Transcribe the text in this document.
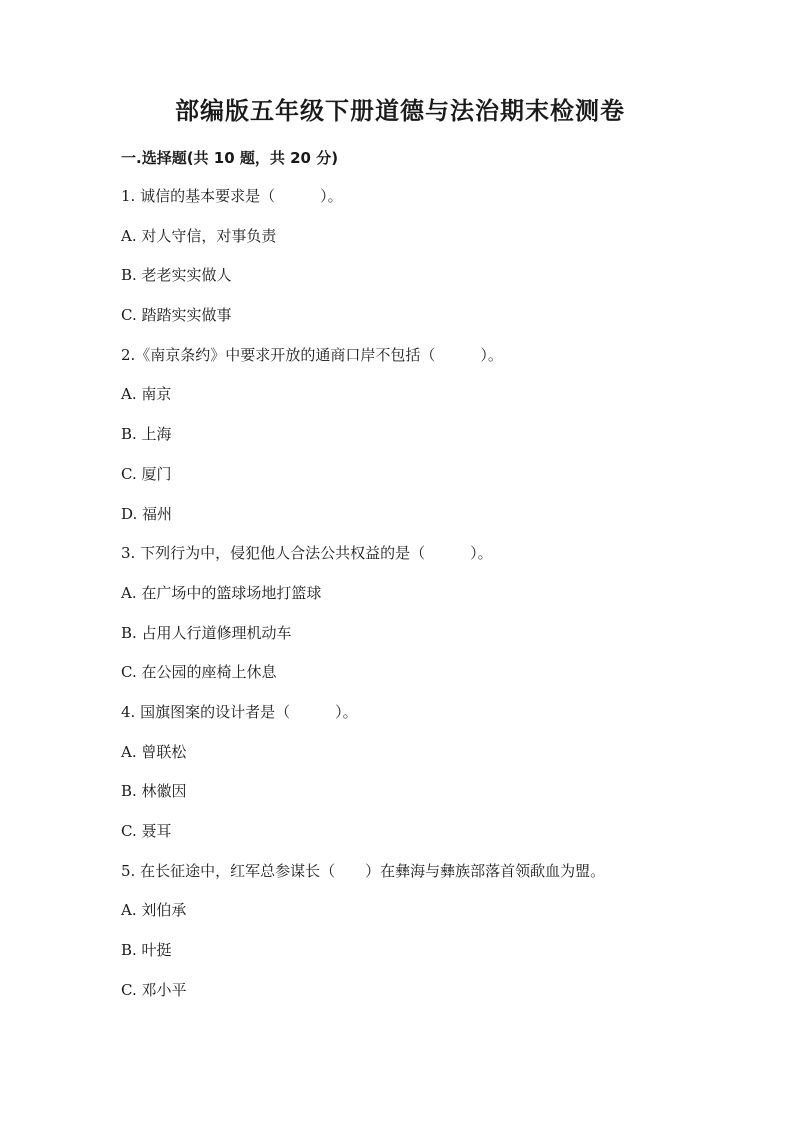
部编版五年级下册道德与法治期末检测卷
一.选择题(共 10 题，共 20 分)
1. 诚信的基本要求是（　　　）。
A. 对人守信，对事负责
B. 老老实实做人
C. 踏踏实实做事
2.《南京条约》中要求开放的通商口岸不包括（　　　）。
A. 南京
B. 上海
C. 厦门
D. 福州
3. 下列行为中，侵犯他人合法公共权益的是（　　　）。
A. 在广场中的篮球场地打篮球
B. 占用人行道修理机动车
C. 在公园的座椅上休息
4. 国旗图案的设计者是（　　　）。
A. 曾联松
B. 林徽因
C. 聂耳
5. 在长征途中，红军总参谋长（　　）在彝海与彝族部落首领歃血为盟。
A. 刘伯承
B. 叶挺
C. 邓小平
